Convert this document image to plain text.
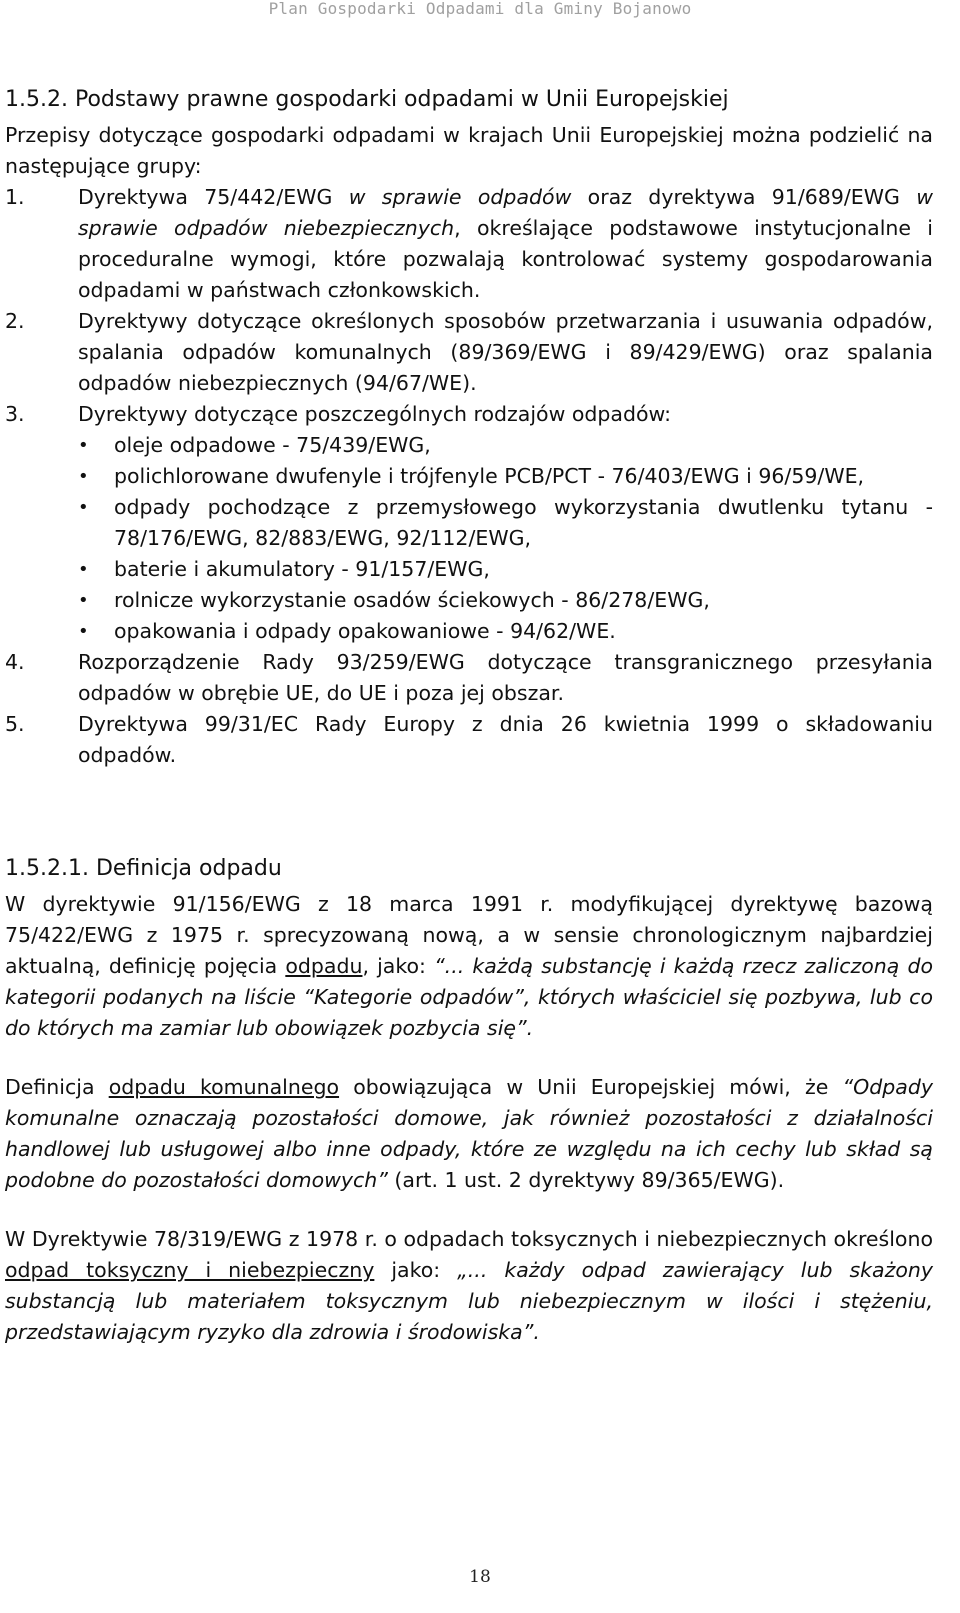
Plan Gospodarki Odpadami dla Gminy Bojanowo
1.5.2. Podstawy prawne gospodarki odpadami w Unii Europejskiej

Przepisy dotyczące gospodarki odpadami w krajach Unii Europejskiej można podzielić na następujące grupy:

1.	Dyrektywa 75/442/EWG w sprawie odpadów oraz dyrektywa 91/689/EWG w sprawie odpadów niebezpiecznych, określające podstawowe instytucjonalne i proceduralne wymogi, które pozwalają kontrolować systemy gospodarowania odpadami w państwach członkowskich.
2.	Dyrektywy dotyczące określonych sposobów przetwarzania i usuwania odpadów, spalania odpadów komunalnych (89/369/EWG i 89/429/EWG) oraz spalania odpadów niebezpiecznych (94/67/WE).
3.	Dyrektywy dotyczące poszczególnych rodzajów odpadów:
• oleje odpadowe - 75/439/EWG,
• polichlorowane dwufenyle i trójfenyle PCB/PCT - 76/403/EWG i 96/59/WE,
• odpady pochodzące z przemysłowego wykorzystania dwutlenku tytanu - 78/176/EWG, 82/883/EWG, 92/112/EWG,
• baterie i akumulatory - 91/157/EWG,
• rolnicze wykorzystanie osadów ściekowych - 86/278/EWG,
• opakowania i odpady opakowaniowe - 94/62/WE.
4.	Rozporządzenie Rady 93/259/EWG dotyczące transgranicznego przesyłania odpadów w obrębie UE, do UE i poza jej obszar.
5.	Dyrektywa 99/31/EC Rady Europy z dnia 26 kwietnia 1999 o składowaniu odpadów.
1.5.2.1. Definicja odpadu

W dyrektywie 91/156/EWG z 18 marca 1991 r. modyfikującej dyrektywę bazową 75/422/EWG z 1975 r. sprecyzowaną nową, a w sensie chronologicznym najbardziej aktualną, definicję pojęcia odpadu, jako: “... każdą substancję i każdą rzecz zaliczoną do kategorii podanych na liście “Kategorie odpadów”, których właściciel się pozbywa, lub co do których ma zamiar lub obowiązek pozbycia się”.

Definicja odpadu komunalnego obowiązująca w Unii Europejskiej mówi, że “Odpady komunalne oznaczają pozostałości domowe, jak również pozostałości z działalności handlowej lub usługowej albo inne odpady, które ze względu na ich cechy lub skład są podobne do pozostałości domowych” (art. 1 ust. 2 dyrektywy 89/365/EWG).

W Dyrektywie 78/319/EWG z 1978 r. o odpadach toksycznych i niebezpiecznych określono odpad toksyczny i niebezpieczny jako: „... każdy odpad zawierający lub skażony substancją lub materiałem toksycznym lub niebezpiecznym w ilości i stężeniu, przedstawiającym ryzyko dla zdrowia i środowiska”.

18
